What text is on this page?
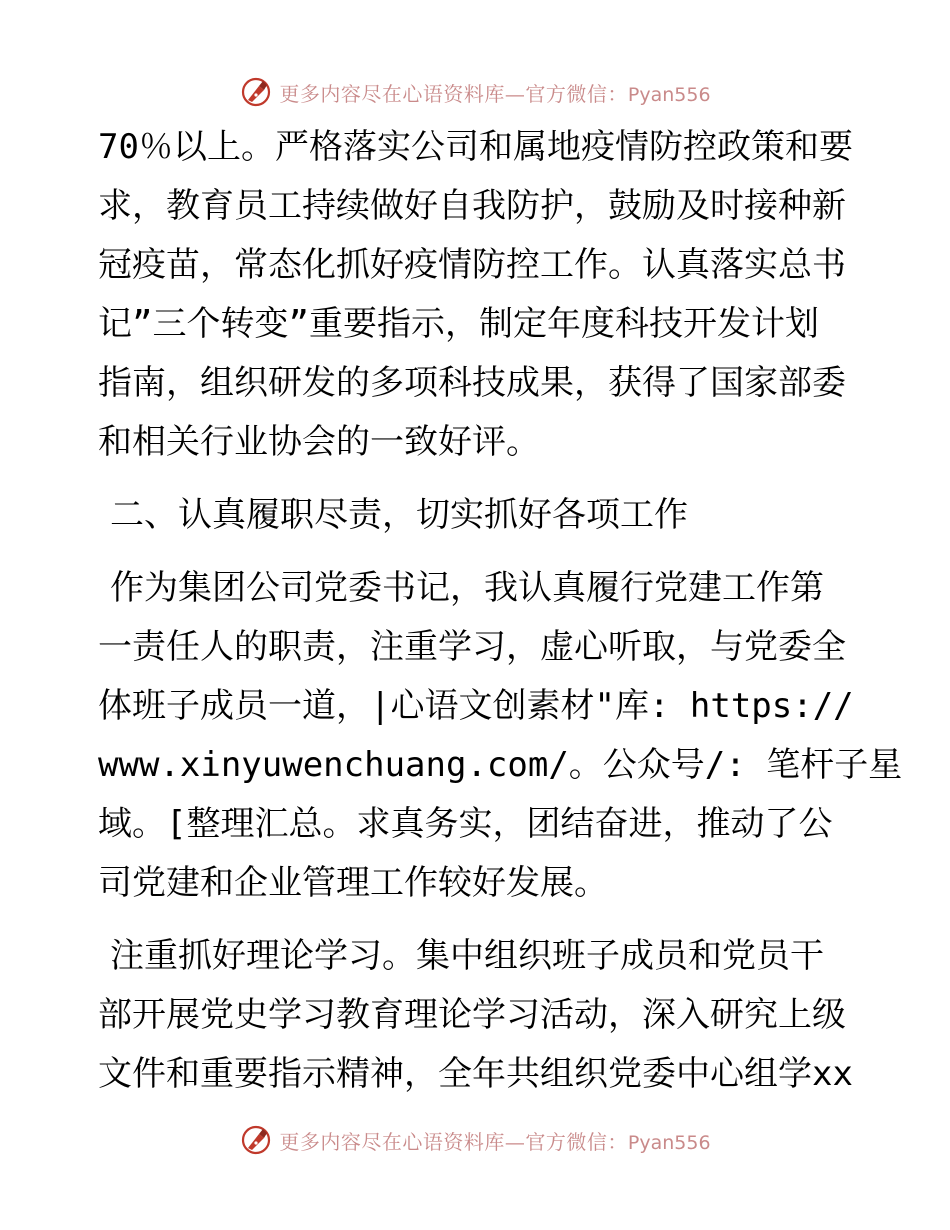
更多内容尽在心语资料库—官方微信：Pyan556
70％以上。严格落实公司和属地疫情防控政策和要
求，教育员工持续做好自我防护，鼓励及时接种新
冠疫苗，常态化抓好疫情防控工作。认真落实总书
记”三个转变”重要指示，制定年度科技开发计划
指南，组织研发的多项科技成果，获得了国家部委
和相关行业协会的一致好评。
二、认真履职尽责，切实抓好各项工作
作为集团公司党委书记，我认真履行党建工作第
一责任人的职责，注重学习，虚心听取，与党委全
体班子成员一道，|心语文创素材"库: https://
www.xinyuwenchuang.com/。公众号/: 笔杆子星
域。[整理汇总。求真务实，团结奋进，推动了公
司党建和企业管理工作较好发展。
注重抓好理论学习。集中组织班子成员和党员干
部开展党史学习教育理论学习活动，深入研究上级
文件和重要指示精神，全年共组织党委中心组学xx
更多内容尽在心语资料库—官方微信：Pyan556
